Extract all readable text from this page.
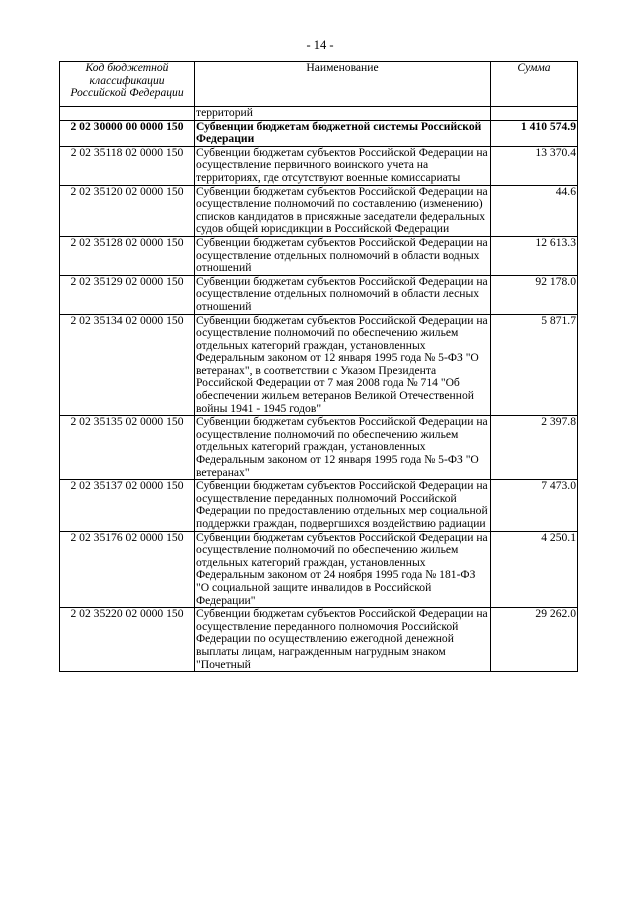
- 14 -
Код бюджетной классификации Российской Федерации	Наименование	Сумма
	территорий	
2 02 30000 00 0000 150	Субвенции бюджетам бюджетной системы Российской Федерации	1 410 574.9
2 02 35118 02 0000 150	Субвенции бюджетам субъектов Российской Федерации на осуществление первичного воинского учета на территориях, где отсутствуют военные комиссариаты	13 370.4
2 02 35120 02 0000 150	Субвенции бюджетам субъектов Российской Федерации на осуществление полномочий по составлению (изменению) списков кандидатов в присяжные заседатели федеральных судов общей юрисдикции в Российской Федерации	44.6
2 02 35128 02 0000 150	Субвенции бюджетам субъектов Российской Федерации на осуществление отдельных полномочий в области водных отношений	12 613.3
2 02 35129 02 0000 150	Субвенции бюджетам субъектов Российской Федерации на осуществление отдельных полномочий в области лесных отношений	92 178.0
2 02 35134 02 0000 150	Субвенции бюджетам субъектов Российской Федерации на осуществление полномочий по обеспечению жильем отдельных категорий граждан, установленных Федеральным законом от 12 января 1995 года № 5-ФЗ "О ветеранах", в соответствии с Указом Президента Российской Федерации от 7 мая 2008 года № 714 "Об обеспечении жильем ветеранов Великой Отечественной войны 1941 - 1945 годов"	5 871.7
2 02 35135 02 0000 150	Субвенции бюджетам субъектов Российской Федерации на осуществление полномочий по обеспечению жильем отдельных категорий граждан, установленных Федеральным законом от 12 января 1995 года № 5-ФЗ "О ветеранах"	2 397.8
2 02 35137 02 0000 150	Субвенции бюджетам субъектов Российской Федерации на осуществление переданных полномочий Российской Федерации по предоставлению отдельных мер социальной поддержки граждан, подвергшихся воздействию радиации	7 473.0
2 02 35176 02 0000 150	Субвенции бюджетам субъектов Российской Федерации на осуществление полномочий по обеспечению жильем отдельных категорий граждан, установленных Федеральным законом от 24 ноября 1995 года № 181-ФЗ "О социальной защите инвалидов в Российской Федерации"	4 250.1
2 02 35220 02 0000 150	Субвенции бюджетам субъектов Российской Федерации на осуществление переданного полномочия Российской Федерации по осуществлению ежегодной денежной выплаты лицам, награжденным нагрудным знаком "Почетный	29 262.0
